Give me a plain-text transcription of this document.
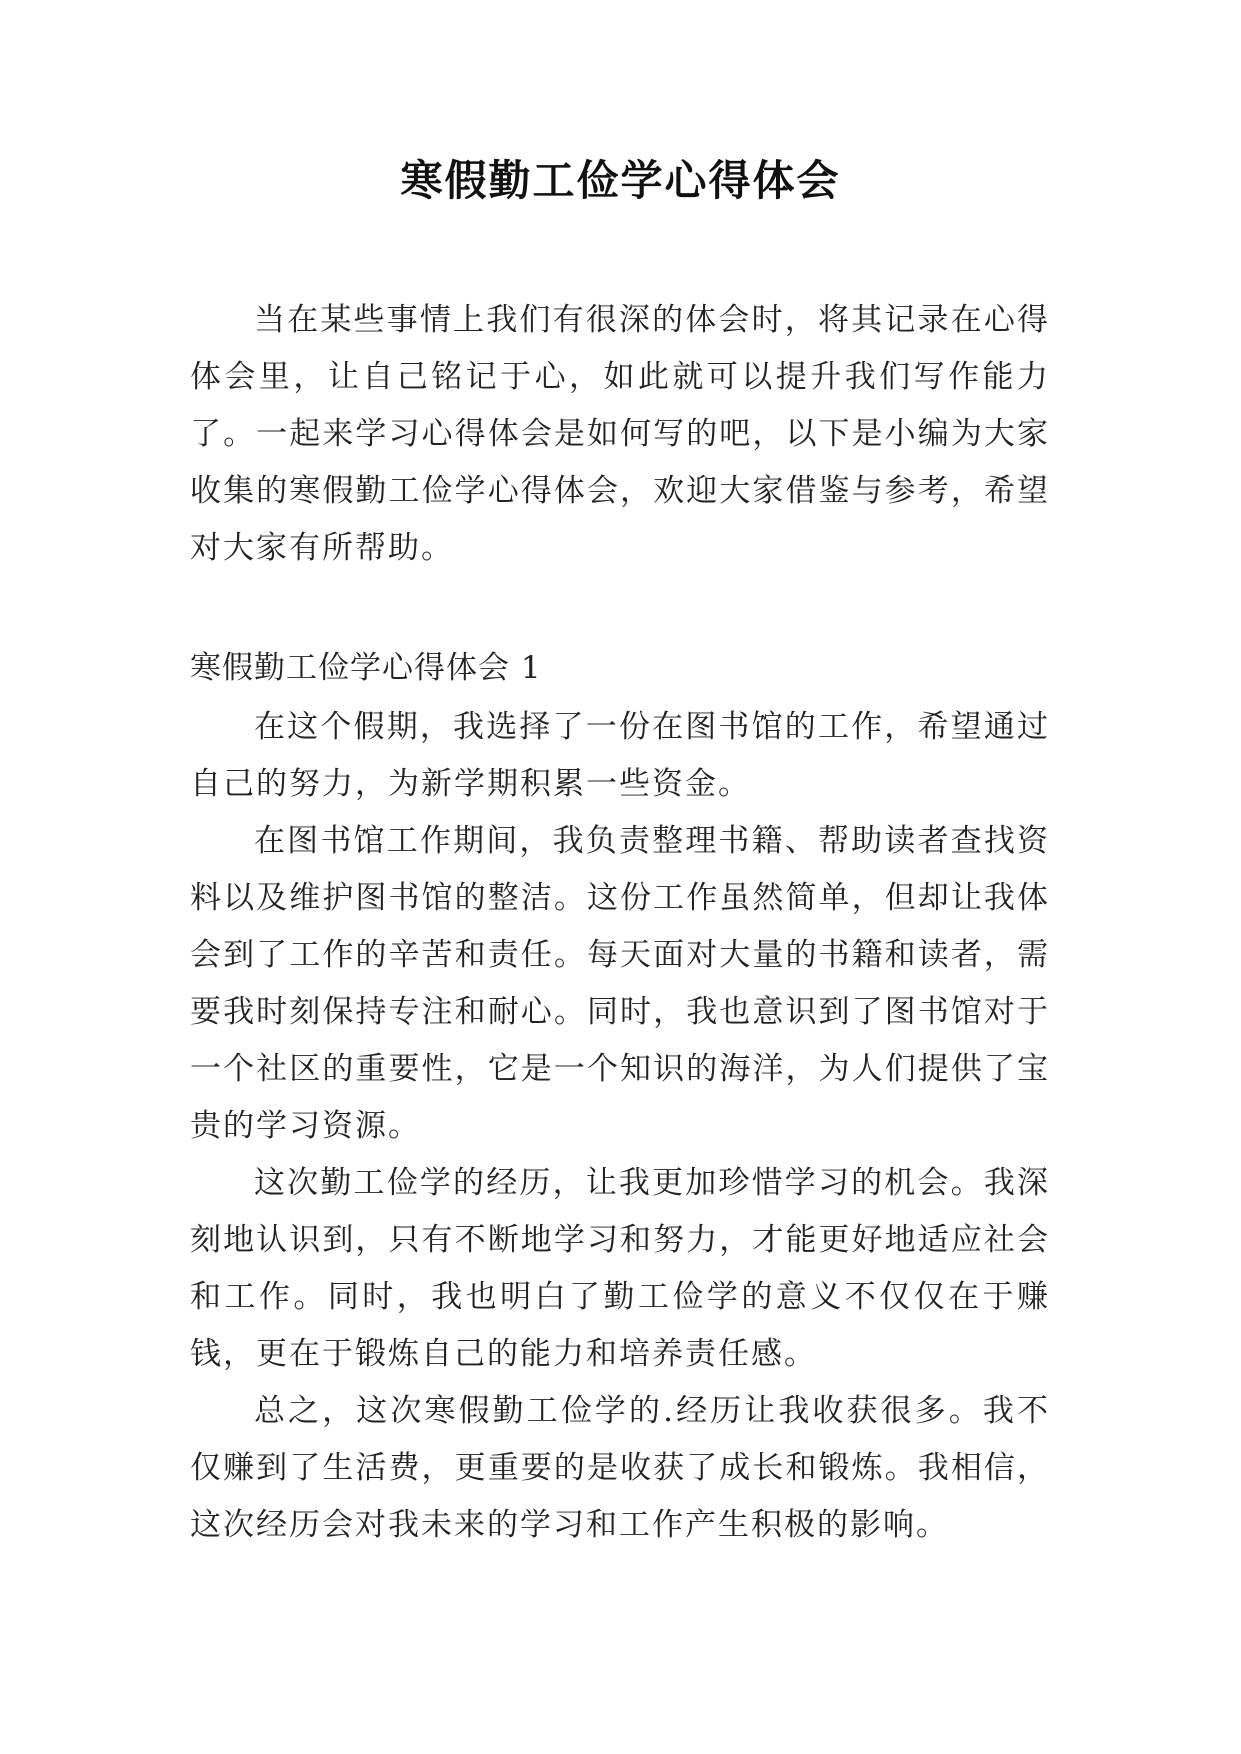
寒假勤工俭学心得体会

当在某些事情上我们有很深的体会时，将其记录在心得体会里，让自己铭记于心，如此就可以提升我们写作能力了。一起来学习心得体会是如何写的吧，以下是小编为大家收集的寒假勤工俭学心得体会，欢迎大家借鉴与参考，希望对大家有所帮助。

寒假勤工俭学心得体会 1

在这个假期，我选择了一份在图书馆的工作，希望通过自己的努力，为新学期积累一些资金。

在图书馆工作期间，我负责整理书籍、帮助读者查找资料以及维护图书馆的整洁。这份工作虽然简单，但却让我体会到了工作的辛苦和责任。每天面对大量的书籍和读者，需要我时刻保持专注和耐心。同时，我也意识到了图书馆对于一个社区的重要性，它是一个知识的海洋，为人们提供了宝贵的学习资源。

这次勤工俭学的经历，让我更加珍惜学习的机会。我深刻地认识到，只有不断地学习和努力，才能更好地适应社会和工作。同时，我也明白了勤工俭学的意义不仅仅在于赚钱，更在于锻炼自己的能力和培养责任感。

总之，这次寒假勤工俭学的.经历让我收获很多。我不仅赚到了生活费，更重要的是收获了成长和锻炼。我相信，这次经历会对我未来的学习和工作产生积极的影响。
